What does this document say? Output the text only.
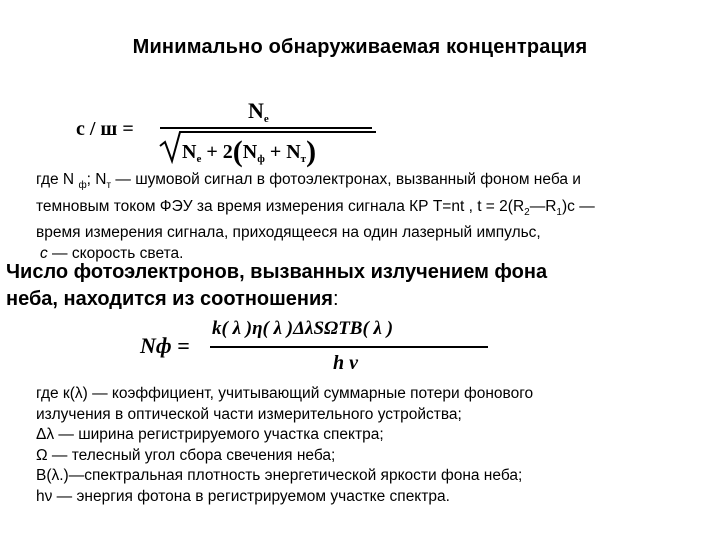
Минимально обнаруживаемая концентрация
c / ш =
Ne
$N_e + 2(N_ф + N_т)$
где N $_ф$; $N_т$ — шумовой сигнал в фотоэлектронах, вызванный фоном неба и
темновым током ФЭУ за время измерения сигнала КР T=nt , $t = 2(R_2—R_1)c$ —
время измерения сигнала, приходящееся на один лазерный импульс,
c — скорость света.
Число фотоэлектронов, вызванных излучением фона
неба, находится из соотношения:
Nф =
k( λ )η( λ )ΔλSΩTB( λ )
h ν
где к(λ) — коэффициент, учитывающий суммарные потери фонового
излучения в оптической части измерительного устройства;
Δλ — ширина регистрируемого участка спектра;
Ω — телесный угол сбора свечения неба;
B(λ.)—спектральная плотность энергетической яркости фона неба;
hν — энергия фотона в регистрируемом участке спектра.
